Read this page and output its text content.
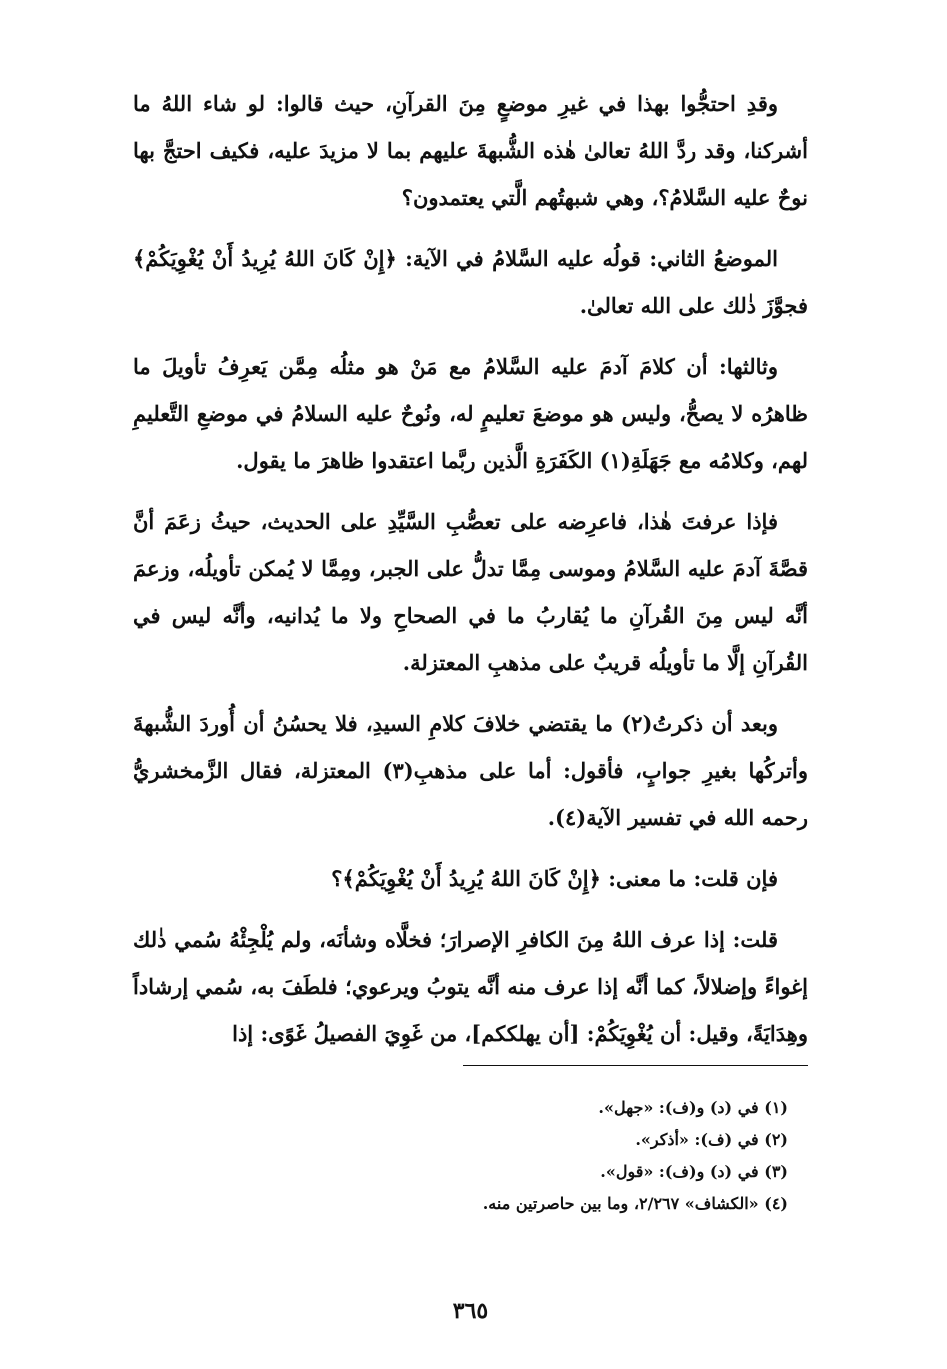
وقدِ احتجُّوا بهذا في غيرِ موضعٍ مِنَ القرآنِ، حيث قالوا: لو شاء اللهُ ما أشركنا، وقد ردَّ اللهُ تعالىٰ هٰذه الشُّبهةَ عليهم بما لا مزيدَ عليه، فكيف احتجَّ بها نوحٌ عليه السَّلامُ؟، وهي شبهتُهم الَّتي يعتمدون؟

الموضعُ الثاني: قولُه عليه السَّلامُ في الآية: ﴿إِنْ كَانَ اللهُ يُرِيدُ أَنْ يُغْوِيَكُمْ﴾ فجوَّزَ ذٰلك على الله تعالىٰ.

وثالثها: أن كلامَ آدمَ عليه السَّلامُ مع مَنْ هو مثلُه مِمَّن يَعرِفُ تأويلَ ما ظاهرُه لا يصحُّ، وليس هو موضعَ تعليمٍ له، ونُوحٌ عليه السلامُ في موضعِ التَّعليمِ لهم، وكلامُه مع جَهَلَةِ(١) الكَفَرَةِ الَّذين ربَّما اعتقدوا ظاهرَ ما يقول.

فإذا عرفتَ هٰذا، فاعرِضه على تعصُّبِ السَّيِّدِ على الحديث، حيثُ زعَمَ أنَّ قصَّةَ آدمَ عليه السَّلامُ وموسى مِمَّا تدلُّ على الجبر، ومِمَّا لا يُمكن تأويلُه، وزعمَ أنَّه ليس مِنَ القُرآنِ ما يُقاربُ ما في الصحاحِ ولا ما يُدانيه، وأنَّه ليس في القُرآنِ إلَّا ما تأويلُه قريبٌ على مذهبِ المعتزلة.

وبعد أن ذكرتُ(٢) ما يقتضي خلافَ كلامِ السيدِ، فلا يحسُنُ أن أُوردَ الشُّبهةَ وأتركُها بغيرِ جوابٍ، فأقول: أما على مذهبِ(٣) المعتزلة، فقال الزَّمخشريُّ رحمه الله في تفسير الآية(٤).

فإن قلت: ما معنى: ﴿إِنْ كَانَ اللهُ يُرِيدُ أَنْ يُغْوِيَكُمْ﴾؟

قلت: إذا عرف اللهُ مِنَ الكافرِ الإصرارَ؛ فخلَّاه وشأنَه، ولم يُلْجِئْهُ سُمي ذٰلك إغواءً وإضلالاً، كما أنَّه إذا عرف منه أنَّه يتوبُ ويرعوي؛ فلطَفَ به، سُمي إرشاداً وهِدَايَةً، وقيل: أن يُغْوِيَكُمْ: [أن يهلككم]، من غَوِيَ الفصيلُ غَوًى: إذا

(١) في (د) و(ف): «جهل».
(٢) في (ف): «أذكر».
(٣) في (د) و(ف): «قول».
(٤) «الكشاف» ٢/٢٦٧، وما بين حاصرتين منه.
٣٦٥
